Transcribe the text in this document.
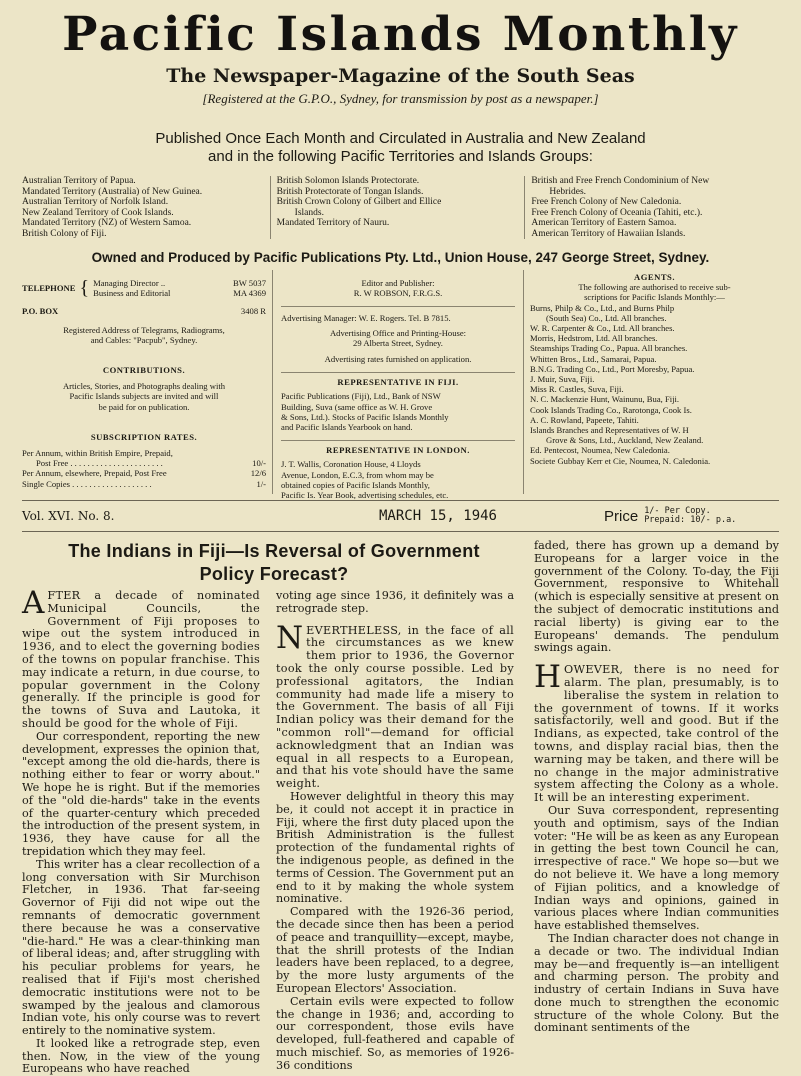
Pacific Islands Monthly
The Newspaper-Magazine of the South Seas
[Registered at the G.P.O., Sydney, for transmission by post as a newspaper.]
Published Once Each Month and Circulated in Australia and New Zealand
and in the following Pacific Territories and Islands Groups:
Australian Territory of Papua.
Mandated Territory (Australia) of New Guinea.
Australian Territory of Norfolk Island.
New Zealand Territory of Cook Islands.
Mandated Territory (NZ) of Western Samoa.
British Colony of Fiji.
British Solomon Islands Protectorate.
British Protectorate of Tongan Islands.
British Crown Colony of Gilbert and Ellice
Islands.
Mandated Territory of Nauru.
British and Free French Condominium of New
Hebrides.
Free French Colony of New Caledonia.
Free French Colony of Oceania (Tahiti, etc.).
American Territory of Eastern Samoa.
American Territory of Hawaiian Islands.
Owned and Produced by Pacific Publications Pty. Ltd., Union House, 247 George Street, Sydney.
TELEPHONE { Managing Director ..	BW 5037
Business and Editorial	MA 4369
P.O. BOX	3408 R
Registered Address of Telegrams, Radiograms,
and Cables: "Pacpub", Sydney.
CONTRIBUTIONS.
Articles, Stories, and Photographs dealing with
Pacific Islands subjects are invited and will
be paid for on publication.
SUBSCRIPTION RATES.
Per Annum, within British Empire, Prepaid,
Post Free . . . . . . . . . . . . . . . . . . . . . .	10/-
Per Annum, elsewhere, Prepaid, Post Free	12/6
Single Copies . . . . . . . . . . . . . . . . . . .	1/-
Editor and Publisher:
R. W ROBSON, F.R.G.S.
Advertising Manager: W. E. Rogers. Tel. B 7815.
Advertising Office and Printing-House:
29 Alberta Street, Sydney.
Advertising rates furnished on application.
REPRESENTATIVE IN FIJI.
Pacific Publications (Fiji), Ltd., Bank of NSW
Building, Suva (same office as W. H. Grove
& Sons, Ltd.). Stocks of Pacific Islands Monthly
and Pacific Islands Yearbook on hand.
REPRESENTATIVE IN LONDON.
J. T. Wallis, Coronation House, 4 Lloyds
Avenue, London, E.C.3, from whom may be
obtained copies of Pacific Islands Monthly,
Pacific Is. Year Book, advertising schedules, etc.
AGENTS.
The following are authorised to receive sub-
scriptions for Pacific Islands Monthly:—
Burns, Philp & Co., Ltd., and Burns Philp
(South Sea) Co., Ltd. All branches.
W. R. Carpenter & Co., Ltd. All branches.
Morris, Hedstrom, Ltd. All branches.
Steamships Trading Co., Papua. All branches.
Whitten Bros., Ltd., Samarai, Papua.
B.N.G. Trading Co., Ltd., Port Moresby, Papua.
J. Muir, Suva, Fiji.
Miss R. Castles, Suva, Fiji.
N. C. Mackenzie Hunt, Wainunu, Bua, Fiji.
Cook Islands Trading Co., Rarotonga, Cook Is.
A. C. Rowland, Papeete, Tahiti.
Islands Branches and Representatives of W. H
Grove & Sons, Ltd., Auckland, New Zealand.
Ed. Pentecost, Noumea, New Caledonia.
Societe Gubbay Kerr et Cie, Noumea, N. Caledonia.
Vol. XVI. No. 8.	MARCH 15, 1946	Price 1/- Per Copy.
Prepaid: 10/- p.a.
The Indians in Fiji—Is Reversal of Government
Policy Forecast?

AFTER a decade of nominated Municipal Councils, the Government of Fiji proposes to wipe out the system introduced in 1936, and to elect the governing bodies of the towns on popular franchise. This may indicate a return, in due course, to popular government in the Colony generally. If the principle is good for the towns of Suva and Lautoka, it should be good for the whole of Fiji.

Our correspondent, reporting the new development, expresses the opinion that, "except among the old die-hards, there is nothing either to fear or worry about." We hope he is right. But if the memories of the "old die-hards" take in the events of the quarter-century which preceded the introduction of the present system, in 1936, they have cause for all the trepidation which they may feel.

This writer has a clear recollection of a long conversation with Sir Murchison Fletcher, in 1936. That far-seeing Governor of Fiji did not wipe out the remnants of democratic government there because he was a conservative "die-hard." He was a clear-thinking man of liberal ideas; and, after struggling with his peculiar problems for years, he realised that if Fiji's most cherished democratic institutions were not to be swamped by the jealous and clamorous Indian vote, his only course was to revert entirely to the nominative system.

It looked like a retrograde step, even then. Now, in the view of the young Europeans who have reached

voting age since 1936, it definitely was a retrograde step.

NEVERTHELESS, in the face of all the circumstances as we knew them prior to 1936, the Governor took the only course possible. Led by professional agitators, the Indian community had made life a misery to the Government. The basis of all Fiji Indian policy was their demand for the "common roll"—demand for official acknowledgment that an Indian was equal in all respects to a European, and that his vote should have the same weight.

However delightful in theory this may be, it could not accept it in practice in Fiji, where the first duty placed upon the British Administration is the fullest protection of the fundamental rights of the indigenous people, as defined in the terms of Cession. The Government put an end to it by making the whole system nominative.

Compared with the 1926-36 period, the decade since then has been a period of peace and tranquillity—except, maybe, that the shrill protests of the Indian leaders have been replaced, to a degree, by the more lusty arguments of the European Electors' Association.

Certain evils were expected to follow the change in 1936; and, according to our correspondent, those evils have developed, full-feathered and capable of much mischief. So, as memories of 1926-36 conditions

faded, there has grown up a demand by Europeans for a larger voice in the government of the Colony. To-day, the Fiji Government, responsive to Whitehall (which is especially sensitive at present on the subject of democratic institutions and racial liberty) is giving ear to the Europeans' demands. The pendulum swings again.

HOWEVER, there is no need for alarm. The plan, presumably, is to liberalise the system in relation to the government of towns. If it works satisfactorily, well and good. But if the Indians, as expected, take control of the towns, and display racial bias, then the warning may be taken, and there will be no change in the major administrative system affecting the Colony as a whole. It will be an interesting experiment.

Our Suva correspondent, representing youth and optimism, says of the Indian voter: "He will be as keen as any European in getting the best town Council he can, irrespective of race." We hope so—but we do not believe it. We have a long memory of Fijian politics, and a knowledge of Indian ways and opinions, gained in various places where Indian communities have established themselves.

The Indian character does not change in a decade or two. The individual Indian may be—and frequently is—an intelligent and charming person. The probity and industry of certain Indians in Suva have done much to strengthen the economic structure of the whole Colony. But the dominant sentiments of the
